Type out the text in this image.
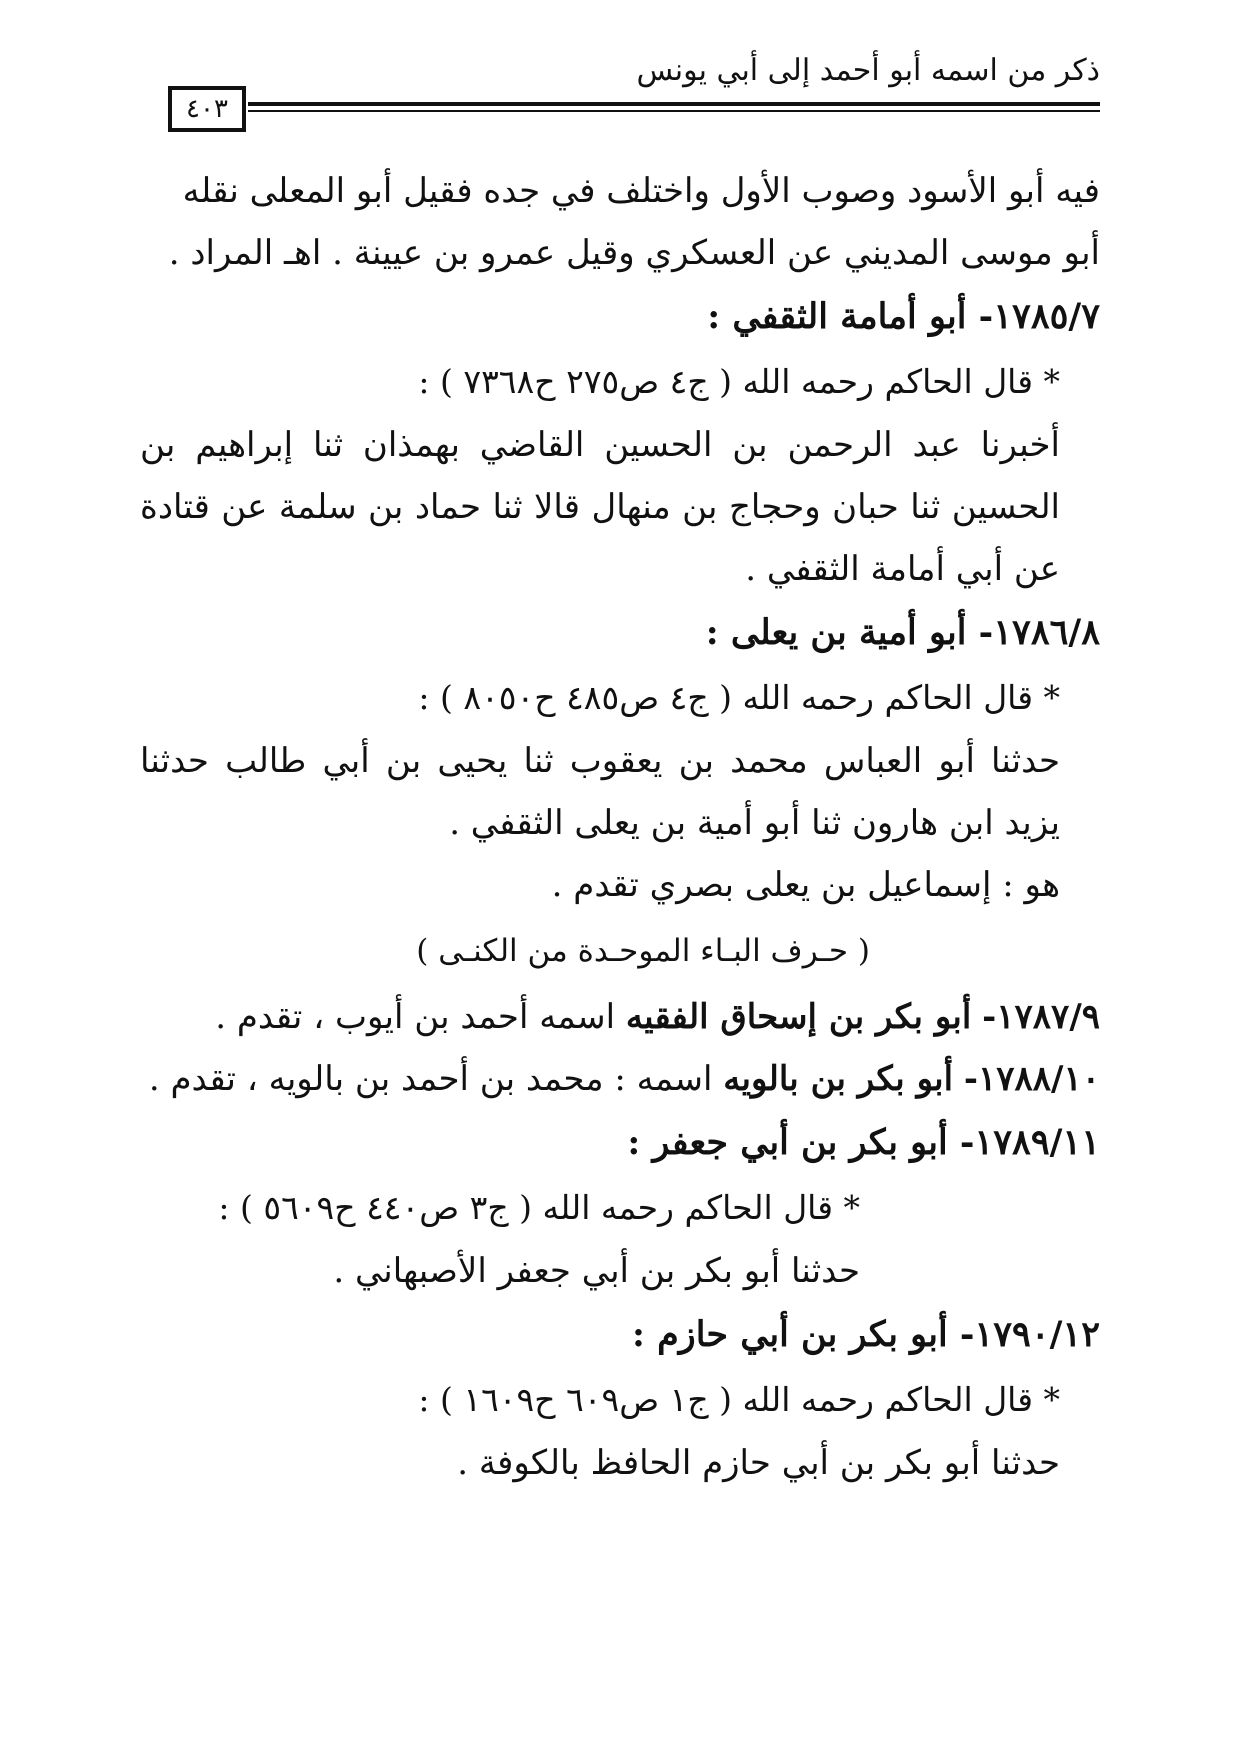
ذكر من اسمه أبو أحمد إلى أبي يونس
٤٠٣

فيه أبو الأسود وصوب الأول واختلف في جده فقيل أبو المعلى نقله

أبو موسى المديني عن العسكري وقيل عمرو بن عيينة . اهـ المراد .

١٧٨٥/٧- أبو أمامة الثقفي :

* قال الحاكم رحمه الله ( ج٤ ص٢٧٥ ح٧٣٦٨ ) :

أخبرنا عبد الرحمن بن الحسين القاضي بهمذان ثنا إبراهيم بن الحسين ثنا حبان وحجاج بن منهال قالا ثنا حماد بن سلمة عن قتادة عن أبي أمامة الثقفي .

١٧٨٦/٨- أبو أمية بن يعلى :

* قال الحاكم رحمه الله ( ج٤ ص٤٨٥ ح٨٠٥٠ ) :

حدثنا أبو العباس محمد بن يعقوب ثنا يحيى بن أبي طالب حدثنا يزيد ابن هارون ثنا أبو أمية بن يعلى الثقفي .

هو : إسماعيل بن يعلى بصري تقدم .

( حـرف البـاء الموحـدة من الكنـى )

١٧٨٧/٩- أبو بكر بن إسحاق الفقيه اسمه أحمد بن أيوب ، تقدم .

١٧٨٨/١٠- أبو بكر بن بالويه اسمه : محمد بن أحمد بن بالويه ، تقدم .

١٧٨٩/١١- أبو بكر بن أبي جعفر :

* قال الحاكم رحمه الله ( ج٣ ص٤٤٠ ح٥٦٠٩ ) :

حدثنا أبو بكر بن أبي جعفر الأصبهاني .

١٧٩٠/١٢- أبو بكر بن أبي حازم :

* قال الحاكم رحمه الله ( ج١ ص٦٠٩ ح١٦٠٩ ) :

حدثنا أبو بكر بن أبي حازم الحافظ بالكوفة .
